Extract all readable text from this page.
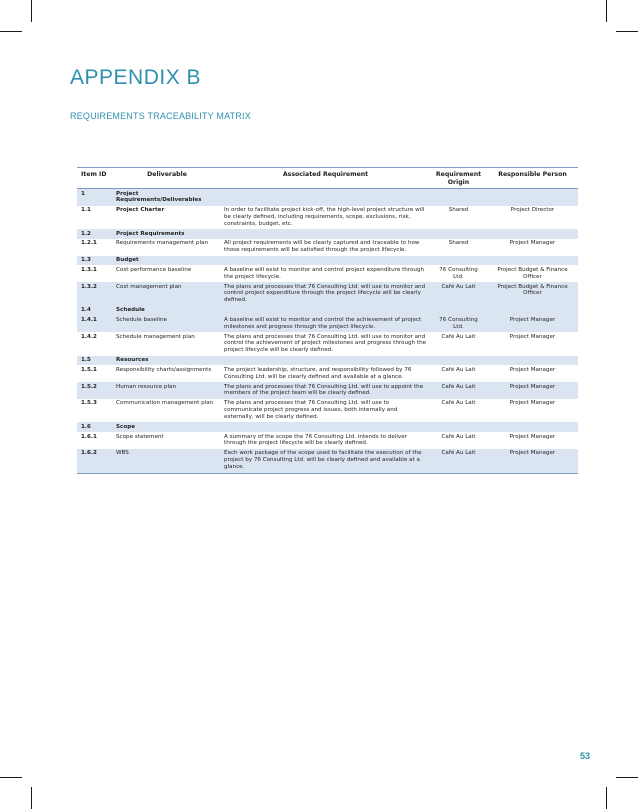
APPENDIX B
REQUIREMENTS TRACEABILITY MATRIX
Item ID	Deliverable	Associated Requirement	Requirement Origin	Responsible Person
1	Project Requirements/Deliverables			
1.1	Project Charter	In order to facilitate project kick-off, the high-level project structure will be clearly defined, including requirements, scope, exclusions, risk, constraints, budget, etc.	Shared	Project Director
1.2	Project Requirements			
1.2.1	Requirements management plan	All project requirements will be clearly captured and traceable to how those requirements will be satisfied through the project lifecycle.	Shared	Project Manager
1.3	Budget			
1.3.1	Cost performance baseline	A baseline will exist to monitor and control project expenditure through the project lifecycle.	76 Consulting Ltd.	Project Budget & Finance Officer
1.3.2	Cost management plan	The plans and processes that 76 Consulting Ltd. will use to monitor and control project expenditure through the project lifecycle will be clearly defined.	Café Au Lait	Project Budget & Finance Officer
1.4	Schedule			
1.4.1	Schedule baseline	A baseline will exist to monitor and control the achievement of project milestones and progress through the project lifecycle.	76 Consulting Ltd.	Project Manager
1.4.2	Schedule management plan	The plans and processes that 76 Consulting Ltd. will use to monitor and control the achievement of project milestones and progress through the project lifecycle will be clearly defined.	Café Au Lait	Project Manager
1.5	Resources			
1.5.1	Responsibility charts/assignments	The project leadership, structure, and responsibility followed by 76 Consulting Ltd. will be clearly defined and available at a glance.	Café Au Lait	Project Manager
1.5.2	Human resource plan	The plans and processes that 76 Consulting Ltd. will use to appoint the members of the project team will be clearly defined.	Café Au Lait	Project Manager
1.5.3	Communication management plan	The plans and processes that 76 Consulting Ltd. will use to communicate project progress and issues, both internally and externally, will be clearly defined.	Café Au Lait	Project Manager
1.6	Scope			
1.6.1	Scope statement	A summary of the scope the 76 Consulting Ltd. intends to deliver through the project lifecycle will be clearly defined.	Café Au Lait	Project Manager
1.6.2	WBS	Each work package of the scope used to facilitate the execution of the project by 76 Consulting Ltd. will be clearly defined and available at a glance.	Café Au Lait	Project Manager
53
